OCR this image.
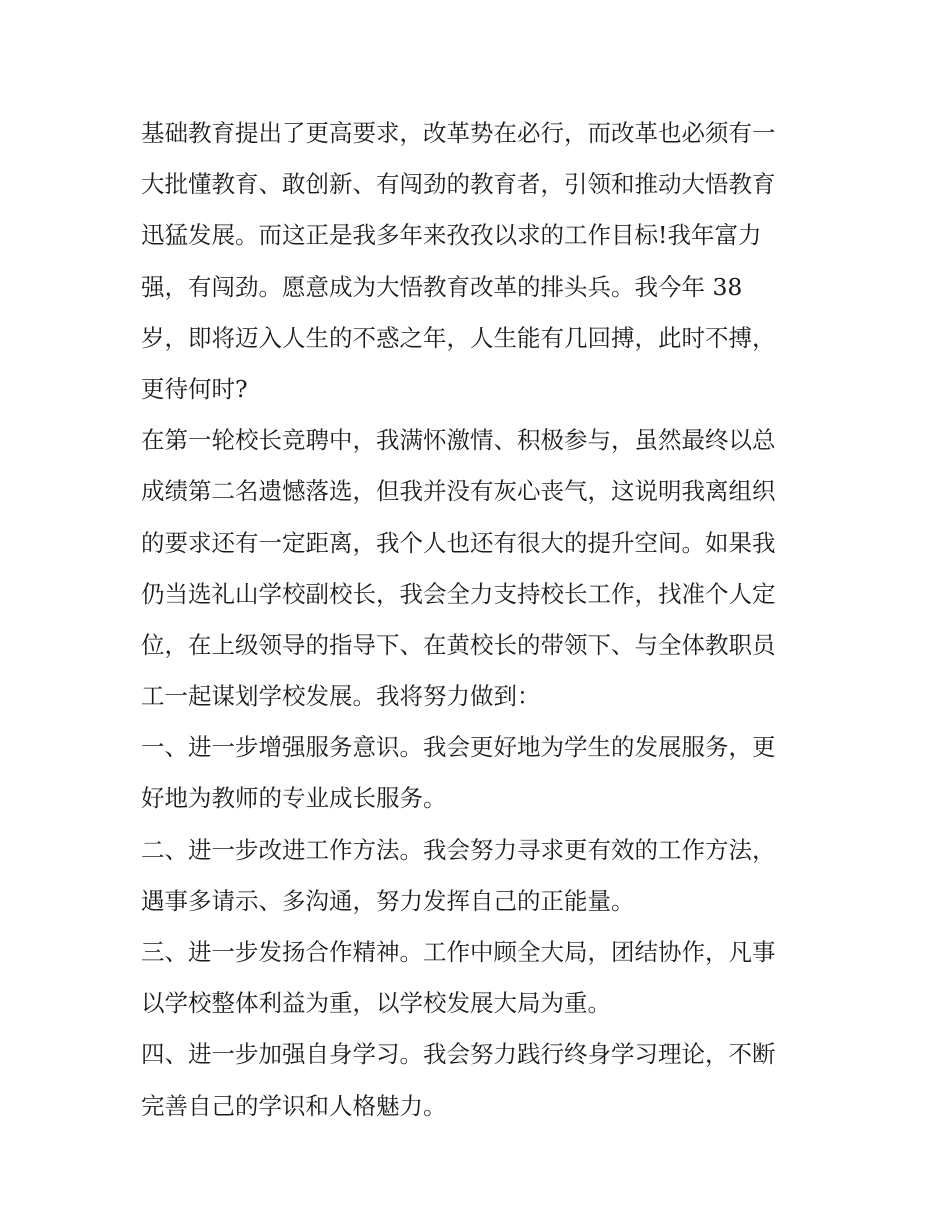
基础教育提出了更高要求，改革势在必行，而改革也必须有一
大批懂教育、敢创新、有闯劲的教育者，引领和推动大悟教育
迅猛发展。而这正是我多年来孜孜以求的工作目标!我年富力
强，有闯劲。愿意成为大悟教育改革的排头兵。我今年 38
岁，即将迈入人生的不惑之年，人生能有几回搏，此时不搏，
更待何时?
在第一轮校长竞聘中，我满怀激情、积极参与，虽然最终以总
成绩第二名遗憾落选，但我并没有灰心丧气，这说明我离组织
的要求还有一定距离，我个人也还有很大的提升空间。如果我
仍当选礼山学校副校长，我会全力支持校长工作，找准个人定
位，在上级领导的指导下、在黄校长的带领下、与全体教职员
工一起谋划学校发展。我将努力做到：
一、进一步增强服务意识。我会更好地为学生的发展服务，更
好地为教师的专业成长服务。
二、进一步改进工作方法。我会努力寻求更有效的工作方法，
遇事多请示、多沟通，努力发挥自己的正能量。
三、进一步发扬合作精神。工作中顾全大局，团结协作，凡事
以学校整体利益为重，以学校发展大局为重。
四、进一步加强自身学习。我会努力践行终身学习理论，不断
完善自己的学识和人格魅力。
